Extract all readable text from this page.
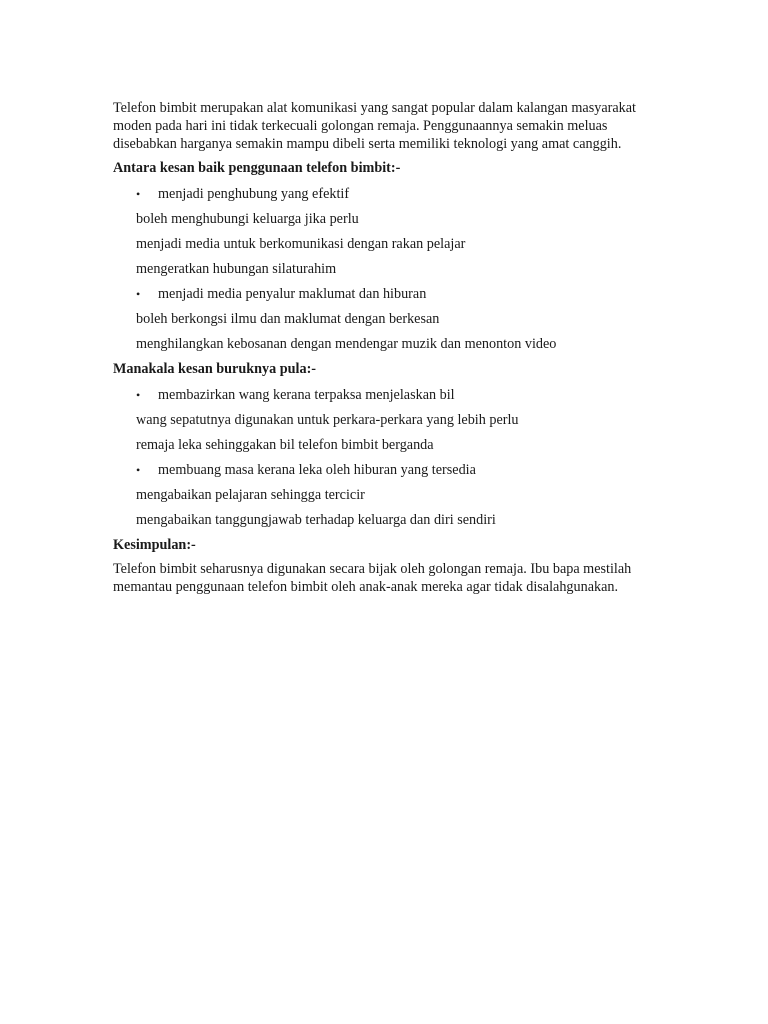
Telefon bimbit merupakan alat komunikasi yang sangat popular dalam kalangan masyarakat moden pada hari ini tidak terkecuali golongan remaja. Penggunaannya semakin meluas disebabkan harganya semakin mampu dibeli serta memiliki teknologi yang amat canggih.

Antara kesan baik penggunaan telefon bimbit:-

• menjadi penghubung yang efektif
boleh menghubungi keluarga jika perlu
menjadi media untuk berkomunikasi dengan rakan pelajar
mengeratkan hubungan silaturahim
• menjadi media penyalur maklumat dan hiburan
boleh berkongsi ilmu dan maklumat dengan berkesan
menghilangkan kebosanan dengan mendengar muzik dan menonton video

Manakala kesan buruknya pula:-

• membazirkan wang kerana terpaksa menjelaskan bil
wang sepatutnya digunakan untuk perkara-perkara yang lebih perlu
remaja leka sehinggakan bil telefon bimbit berganda
• membuang masa kerana leka oleh hiburan yang tersedia
mengabaikan pelajaran sehingga tercicir
mengabaikan tanggungjawab terhadap keluarga dan diri sendiri

Kesimpulan:-

Telefon bimbit seharusnya digunakan secara bijak oleh golongan remaja. Ibu bapa mestilah memantau penggunaan telefon bimbit oleh anak-anak mereka agar tidak disalahgunakan.
